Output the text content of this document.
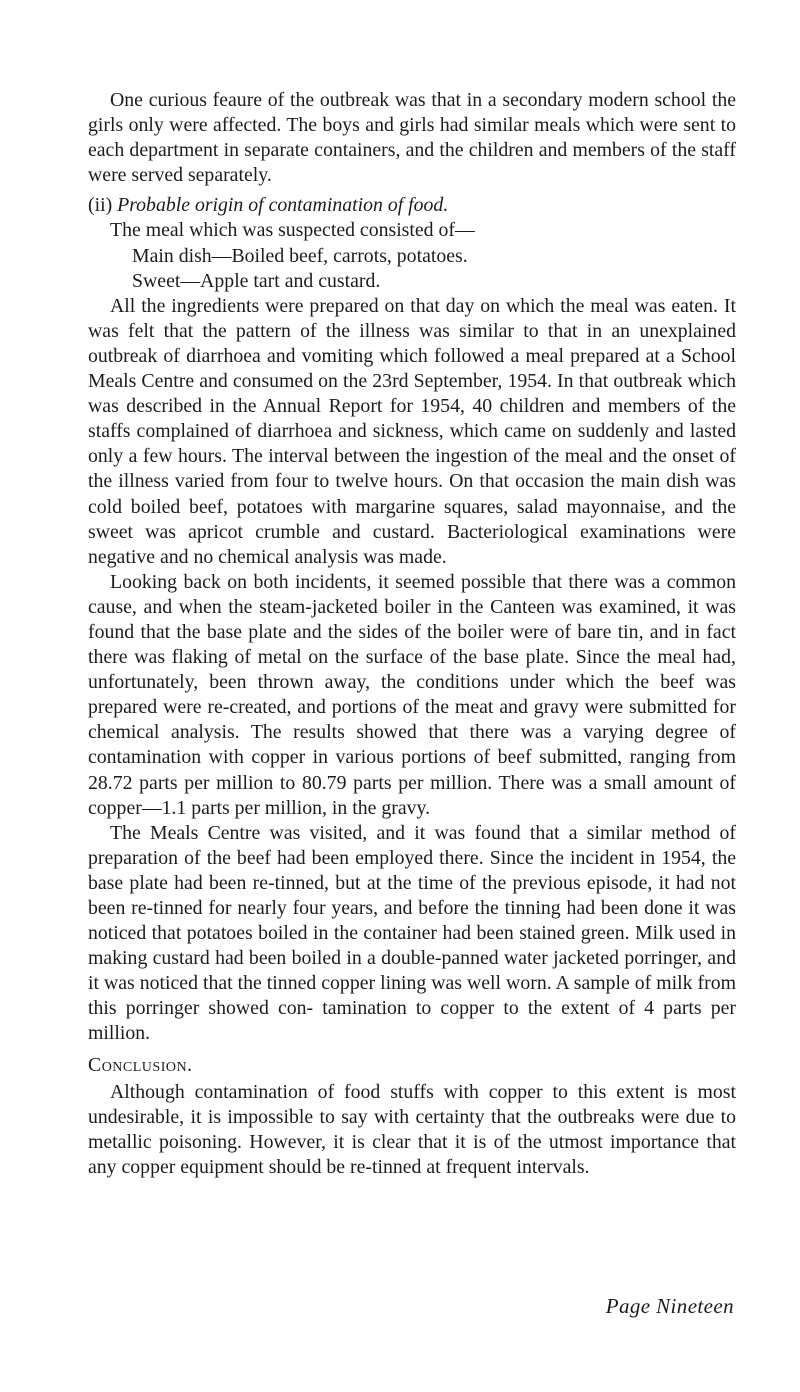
One curious feaure of the outbreak was that in a secondary modern school the girls only were affected. The boys and girls had similar meals which were sent to each department in separate containers, and the children and members of the staff were served separately.

(ii) Probable origin of contamination of food.

The meal which was suspected consisted of—

Main dish—Boiled beef, carrots, potatoes.

Sweet—Apple tart and custard.

All the ingredients were prepared on that day on which the meal was eaten. It was felt that the pattern of the illness was similar to that in an unexplained outbreak of diarrhoea and vomiting which followed a meal prepared at a School Meals Centre and consumed on the 23rd September, 1954. In that outbreak which was described in the Annual Report for 1954, 40 children and members of the staffs complained of diarrhoea and sickness, which came on suddenly and lasted only a few hours. The interval between the ingestion of the meal and the onset of the illness varied from four to twelve hours. On that occasion the main dish was cold boiled beef, potatoes with margarine squares, salad mayonnaise, and the sweet was apricot crumble and custard. Bacteriological examinations were negative and no chemical analysis was made.

Looking back on both incidents, it seemed possible that there was a common cause, and when the steam-jacketed boiler in the Canteen was examined, it was found that the base plate and the sides of the boiler were of bare tin, and in fact there was flaking of metal on the surface of the base plate. Since the meal had, unfortunately, been thrown away, the conditions under which the beef was prepared were re-created, and portions of the meat and gravy were submitted for chemical analysis. The results showed that there was a varying degree of contamination with copper in various portions of beef submitted, ranging from 28.72 parts per million to 80.79 parts per million. There was a small amount of copper—1.1 parts per million, in the gravy.

The Meals Centre was visited, and it was found that a similar method of preparation of the beef had been employed there. Since the incident in 1954, the base plate had been re-tinned, but at the time of the previous episode, it had not been re-tinned for nearly four years, and before the tinning had been done it was noticed that potatoes boiled in the container had been stained green. Milk used in making custard had been boiled in a double-panned water jacketed porringer, and it was noticed that the tinned copper lining was well worn. A sample of milk from this porringer showed con- tamination to copper to the extent of 4 parts per million.

Conclusion.

Although contamination of food stuffs with copper to this extent is most undesirable, it is impossible to say with certainty that the outbreaks were due to metallic poisoning. However, it is clear that it is of the utmost importance that any copper equipment should be re-tinned at frequent intervals.

Page Nineteen
